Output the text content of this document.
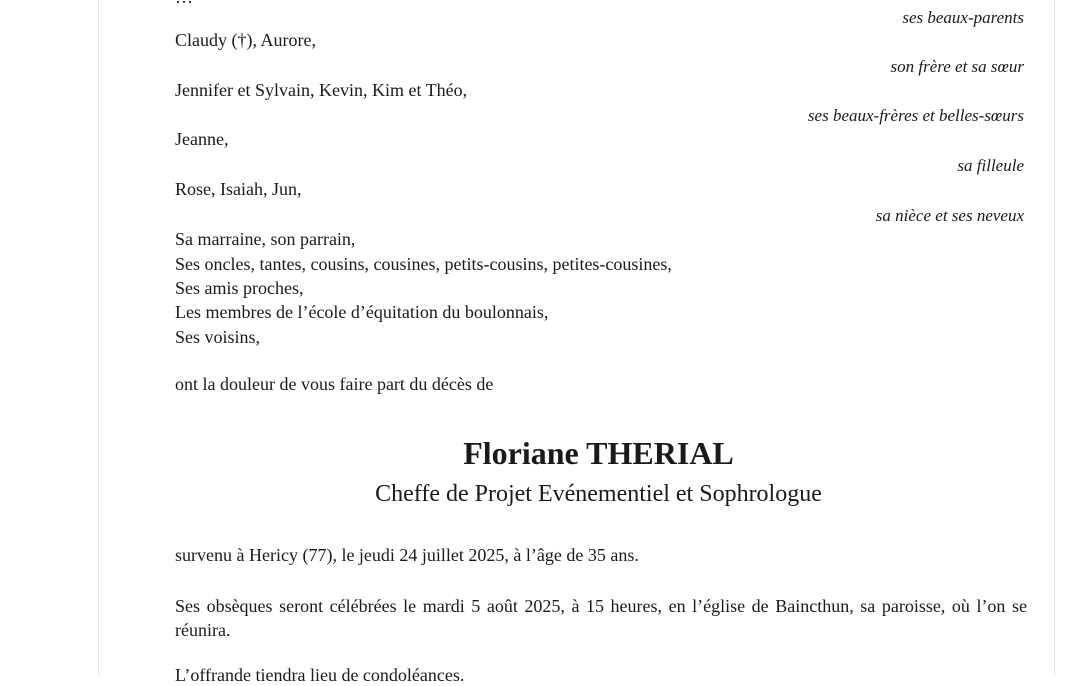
ses beaux-parents
Claudy (†), Aurore,
son frère et sa sœur
Jennifer et Sylvain, Kevin, Kim et Théo,
ses beaux-frères et belles-sœurs
Jeanne,
sa filleule
Rose, Isaiah, Jun,
sa nièce et ses neveux
Sa marraine, son parrain,
Ses oncles, tantes, cousins, cousines, petits-cousins, petites-cousines,
Ses amis proches,
Les membres de l’école d’équitation du boulonnais,
Ses voisins,
ont la douleur de vous faire part du décès de
Floriane THERIAL
Cheffe de Projet Evénementiel et Sophrologue
survenu à Hericy (77), le jeudi 24 juillet 2025, à l’âge de 35 ans.
Ses obsèques seront célébrées le mardi 5 août 2025, à 15 heures, en l’église de Baincthun, sa paroisse, où l’on se réunira.
L’offrande tiendra lieu de condoléances.
